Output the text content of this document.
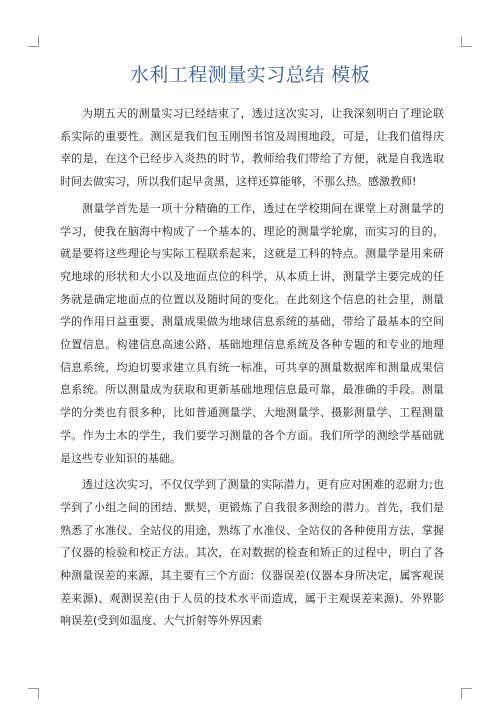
水利工程测量实习总结 模板

为期五天的测量实习已经结束了，透过这次实习，让我深刻明白了理论联系实际的重要性。测区是我们包玉刚图书馆及周围地段，可是，让我们值得庆幸的是，在这个已经步入炎热的时节，教师给我们带给了方便，就是自我选取时间去做实习，所以我们起早贪黑，这样还算能够，不那么热。感激教师!

测量学首先是一项十分精确的工作，透过在学校期间在课堂上对测量学的学习，使我在脑海中构成了一个基本的、理论的测量学轮廓，而实习的目的，就是要将这些理论与实际工程联系起来，这就是工科的特点。测量学是用来研究地球的形状和大小以及地面点位的科学，从本质上讲，测量学主要完成的任务就是确定地面点的位置以及随时间的变化。在此刻这个信息的社会里，测量学的作用日益重要，测量成果做为地球信息系统的基础，带给了最基本的空间位置信息。构建信息高速公路、基础地理信息系统及各种专题的和专业的地理信息系统，均迫切要求建立具有统一标准，可共享的测量数据库和测量成果信息系统。所以测量成为获取和更新基础地理信息最可靠，最准确的手段。测量学的分类也有很多种，比如普通测量学、大地测量学、摄影测量学、工程测量学。作为土木的学生，我们要学习测量的各个方面。我们所学的测绘学基础就是这些专业知识的基础。

透过这次实习，不仅仅学到了测量的实际潜力，更有应对困难的忍耐力;也学到了小组之间的团结、默契，更锻炼了自我很多测绘的潜力。首先，我们是熟悉了水准仪、全站仪的用途，熟练了水准仪、全站仪的各种使用方法，掌握了仪器的检验和校正方法。其次，在对数据的检查和矫正的过程中，明白了各种测量误差的来源，其主要有三个方面：仪器误差(仪器本身所决定，属客观误差来源)、观测误差(由于人员的技术水平而造成，属于主观误差来源)、外界影响误差(受到如温度、大气折射等外界因素
